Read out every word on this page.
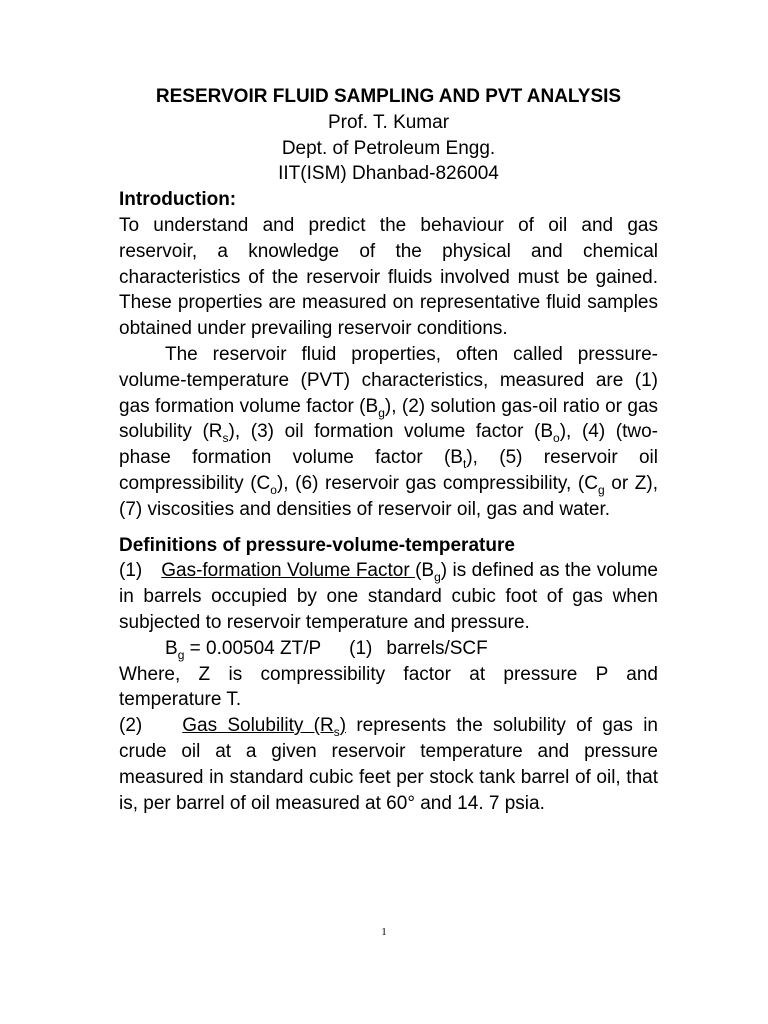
RESERVOIR FLUID SAMPLING AND PVT ANALYSIS
Prof. T. Kumar
Dept. of Petroleum Engg.
IIT(ISM) Dhanbad-826004
Introduction:
To understand and predict the behaviour of oil and gas reservoir, a knowledge of the physical and chemical characteristics of the reservoir fluids involved must be gained. These properties are measured on representative fluid samples obtained under prevailing reservoir conditions.
The reservoir fluid properties, often called pressure-volume-temperature (PVT) characteristics, measured are (1) gas formation volume factor $(B_g)$, (2) solution gas-oil ratio or gas solubility $(R_s)$, (3) oil formation volume factor $(B_o)$, (4) (two-phase formation volume factor $(B_t)$, (5) reservoir oil compressibility $(C_o)$, (6) reservoir gas compressibility, ($C_g$ or Z), (7) viscosities and densities of reservoir oil, gas and water.
Definitions of pressure-volume-temperature
(1) Gas-formation Volume Factor $(B_g)$ is defined as the volume in barrels occupied by one standard cubic foot of gas when subjected to reservoir temperature and pressure.
$B_g = 0.00504$ ZT/P (1) barrels/SCF
Where, Z is compressibility factor at pressure P and temperature T.
(2) Gas Solubility $(R_s)$ represents the solubility of gas in crude oil at a given reservoir temperature and pressure measured in standard cubic feet per stock tank barrel of oil, that is, per barrel of oil measured at 60° and 14. 7 psia.
1
